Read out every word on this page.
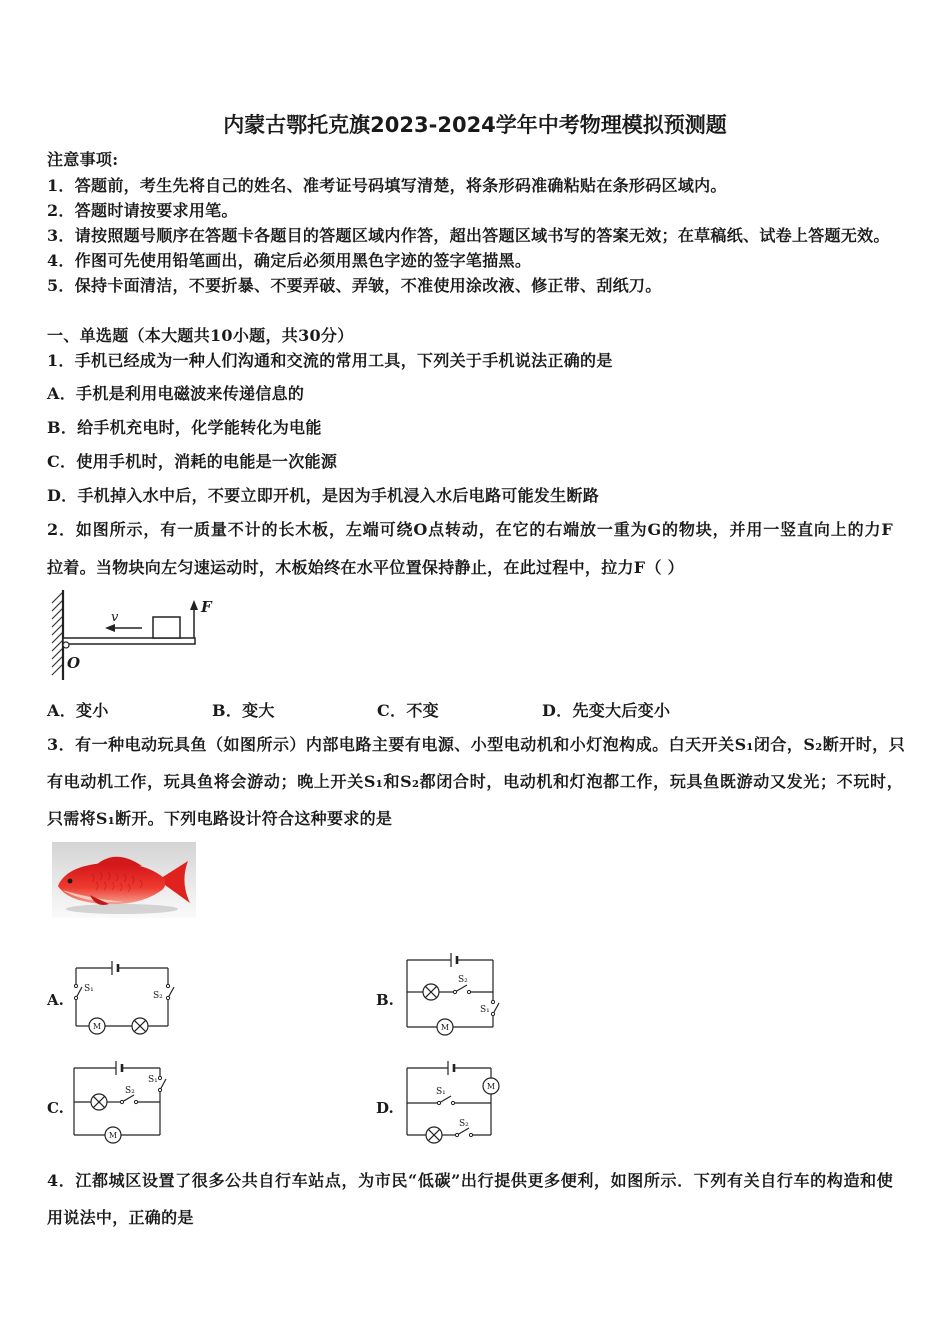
内蒙古鄂托克旗2023-2024学年中考物理模拟预测题
注意事项:
1．答题前，考生先将自己的姓名、准考证号码填写清楚，将条形码准确粘贴在条形码区域内。
2．答题时请按要求用笔。
3．请按照题号顺序在答题卡各题目的答题区域内作答，超出答题区域书写的答案无效；在草稿纸、试卷上答题无效。
4．作图可先使用铅笔画出，确定后必须用黑色字迹的签字笔描黑。
5．保持卡面清洁，不要折暴、不要弄破、弄皱，不准使用涂改液、修正带、刮纸刀。
一、单选题（本大题共10小题，共30分）
1．手机已经成为一种人们沟通和交流的常用工具，下列关于手机说法正确的是
A．手机是利用电磁波来传递信息的
B．给手机充电时，化学能转化为电能
C．使用手机时，消耗的电能是一次能源
D．手机掉入水中后，不要立即开机，是因为手机浸入水后电路可能发生断路
2．如图所示，有一质量不计的长木板，左端可绕O点转动，在它的右端放一重为G的物块，并用一竖直向上的力F
拉着。当物块向左匀速运动时，木板始终在水平位置保持静止，在此过程中，拉力F（ ）
O
v
F
A．变小	B．变大	C．不变	D．先变大后变小
3．有一种电动玩具鱼（如图所示）内部电路主要有电源、小型电动机和小灯泡构成。白天开关S₁闭合，S₂断开时，只
有电动机工作，玩具鱼将会游动；晚上开关S₁和S₂都闭合时，电动机和灯泡都工作，玩具鱼既游动又发光；不玩时，
只需将S₁断开。下列电路设计符合这种要求的是
A.	B.
C.	D.
S₁
S₂
M
S₂
S₁
M
S₁
S₂
M
M
S₁
S₂
4．江都城区设置了很多公共自行车站点，为市民“低碳”出行提供更多便利，如图所示．下列有关自行车的构造和使
用说法中，正确的是
